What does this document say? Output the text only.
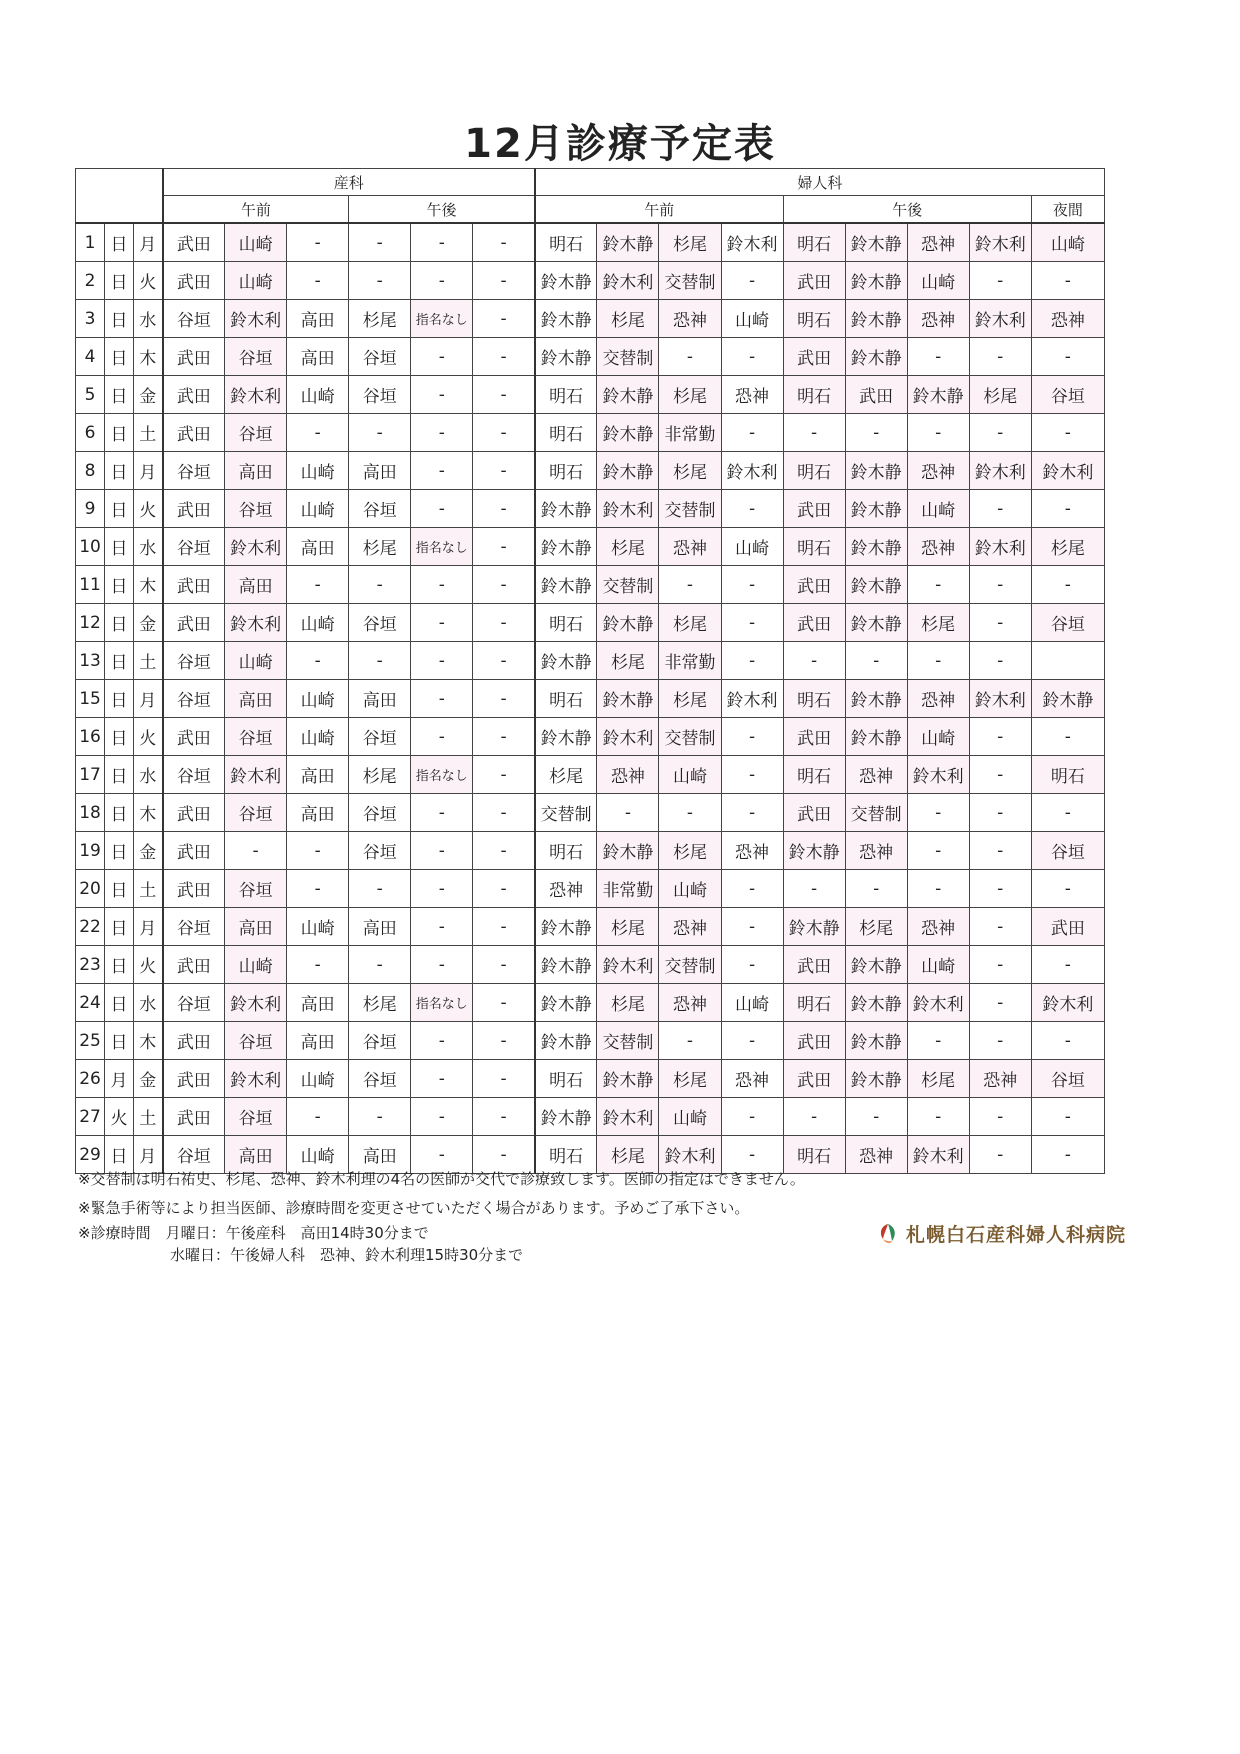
12月診療予定表
			産科						婦人科								
			午前			午後			午前				午後				夜間
1	日	月	武田	山崎	-	-	-	-	明石	鈴木静	杉尾	鈴木利	明石	鈴木静	恐神	鈴木利	山崎
2	日	火	武田	山崎	-	-	-	-	鈴木静	鈴木利	交替制	-	武田	鈴木静	山崎	-	-
3	日	水	谷垣	鈴木利	高田	杉尾	指名なし	-	鈴木静	杉尾	恐神	山崎	明石	鈴木静	恐神	鈴木利	恐神
4	日	木	武田	谷垣	高田	谷垣	-	-	鈴木静	交替制	-	-	武田	鈴木静	-	-	-
5	日	金	武田	鈴木利	山崎	谷垣	-	-	明石	鈴木静	杉尾	恐神	明石	武田	鈴木静	杉尾	谷垣
6	日	土	武田	谷垣	-	-	-	-	明石	鈴木静	非常勤	-	-	-	-	-	-
8	日	月	谷垣	高田	山崎	高田	-	-	明石	鈴木静	杉尾	鈴木利	明石	鈴木静	恐神	鈴木利	鈴木利
9	日	火	武田	谷垣	山崎	谷垣	-	-	鈴木静	鈴木利	交替制	-	武田	鈴木静	山崎	-	-
10	日	水	谷垣	鈴木利	高田	杉尾	指名なし	-	鈴木静	杉尾	恐神	山崎	明石	鈴木静	恐神	鈴木利	杉尾
11	日	木	武田	高田	-	-	-	-	鈴木静	交替制	-	-	武田	鈴木静	-	-	-
12	日	金	武田	鈴木利	山崎	谷垣	-	-	明石	鈴木静	杉尾	-	武田	鈴木静	杉尾	-	谷垣
13	日	土	谷垣	山崎	-	-	-	-	鈴木静	杉尾	非常勤	-	-	-	-	-	
15	日	月	谷垣	高田	山崎	高田	-	-	明石	鈴木静	杉尾	鈴木利	明石	鈴木静	恐神	鈴木利	鈴木静
16	日	火	武田	谷垣	山崎	谷垣	-	-	鈴木静	鈴木利	交替制	-	武田	鈴木静	山崎	-	-
17	日	水	谷垣	鈴木利	高田	杉尾	指名なし	-	杉尾	恐神	山崎	-	明石	恐神	鈴木利	-	明石
18	日	木	武田	谷垣	高田	谷垣	-	-	交替制	-	-	-	武田	交替制	-	-	-
19	日	金	武田	-	-	谷垣	-	-	明石	鈴木静	杉尾	恐神	鈴木静	恐神	-	-	谷垣
20	日	土	武田	谷垣	-	-	-	-	恐神	非常勤	山崎	-	-	-	-	-	-
22	日	月	谷垣	高田	山崎	高田	-	-	鈴木静	杉尾	恐神	-	鈴木静	杉尾	恐神	-	武田
23	日	火	武田	山崎	-	-	-	-	鈴木静	鈴木利	交替制	-	武田	鈴木静	山崎	-	-
24	日	水	谷垣	鈴木利	高田	杉尾	指名なし	-	鈴木静	杉尾	恐神	山崎	明石	鈴木静	鈴木利	-	鈴木利
25	日	木	武田	谷垣	高田	谷垣	-	-	鈴木静	交替制	-	-	武田	鈴木静	-	-	-
26	月	金	武田	鈴木利	山崎	谷垣	-	-	明石	鈴木静	杉尾	恐神	武田	鈴木静	杉尾	恐神	谷垣
27	火	土	武田	谷垣	-	-	-	-	鈴木静	鈴木利	山崎	-	-	-	-	-	-
29	日	月	谷垣	高田	山崎	高田	-	-	明石	杉尾	鈴木利	-	明石	恐神	鈴木利	-	-
※交替制は明石祐史、杉尾、恐神、鈴木利理の4名の医師が交代で診療致します。医師の指定はできません。
※緊急手術等により担当医師、診療時間を変更させていただく場合があります。予めご了承下さい。
※診療時間　月曜日：午後産科　高田14時30分まで
水曜日：午後婦人科　恐神、鈴木利理15時30分まで
札幌白石産科婦人科病院
